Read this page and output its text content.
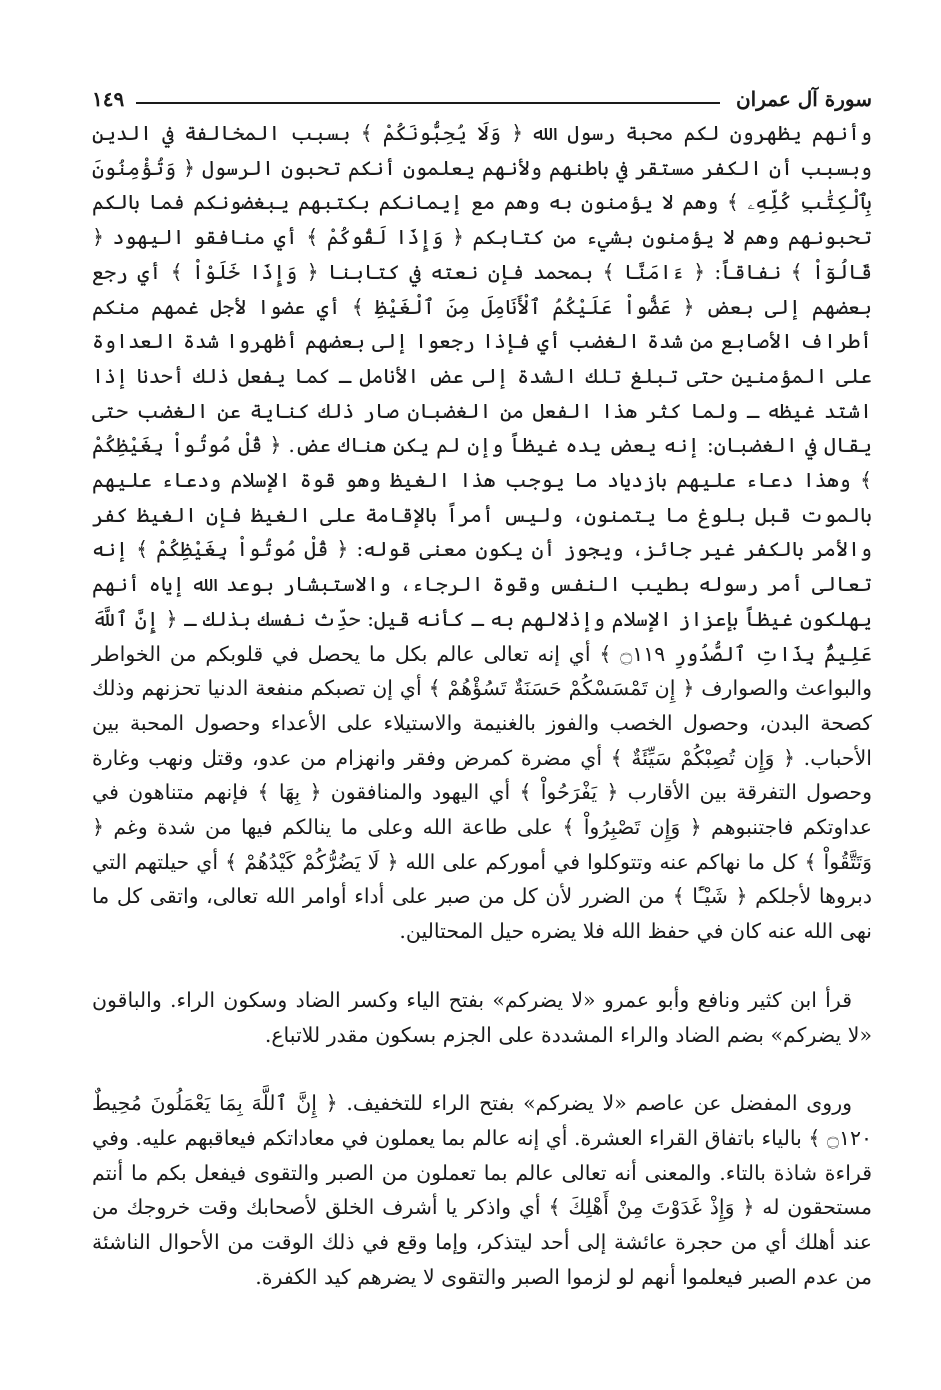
سورة آل عمران
١٤٩

وأنهم يظهرون لكم محبة رسول الله ﴿ وَلَا يُحِبُّونَكُمْ ﴾ بسبب المخالفة في الدين وبسبب أن الكفر مستقر في باطنهم ولأنهم يعلمون أنكم تحبون الرسول ﴿ وَتُؤْمِنُونَ بِٱلْكِتَٰبِ كُلِّهِۦ ﴾ وهم لا يؤمنون به وهم مع إيمانكم بكتبهم يبغضونكم فما بالكم تحبونهم وهم لا يؤمنون بشيء من كتابكم ﴿ وَإِذَا لَقُوكُمْ ﴾ أي منافقو اليهود ﴿ قَالُوٓاْ ﴾ نفاقاً: ﴿ ءَامَنَّا ﴾ بمحمد فإن نعته في كتابنا ﴿ وَإِذَا خَلَوْاْ ﴾ أي رجع بعضهم إلى بعض ﴿ عَضُّواْ عَلَيْكُمُ ٱلْأَنَامِلَ مِنَ ٱلْغَيْظِ ﴾ أي عضوا لأجل غمهم منكم أطراف الأصابع من شدة الغضب أي فإذا رجعوا إلى بعضهم أظهروا شدة العداوة على المؤمنين حتى تبلغ تلك الشدة إلى عض الأنامل ـ كما يفعل ذلك أحدنا إذا اشتد غيظه ـ ولما كثر هذا الفعل من الغضبان صار ذلك كناية عن الغضب حتى يقال في الغضبان: إنه يعض يده غيظاً وإن لم يكن هناك عض. ﴿ قُلْ مُوتُواْ بِغَيْظِكُمْ ﴾ وهذا دعاء عليهم بازدياد ما يوجب هذا الغيظ وهو قوة الإسلام ودعاء عليهم بالموت قبل بلوغ ما يتمنون، وليس أمراً بالإقامة على الغيظ فإن الغيظ كفر والأمر بالكفر غير جائز، ويجوز أن يكون معنى قوله: ﴿ قُلْ مُوتُواْ بِغَيْظِكُمْ ﴾ إنه تعالى أمر رسوله بطيب النفس وقوة الرجاء، والاستبشار بوعد الله إياه أنهم يهلكون غيظاً بإعزاز الإسلام وإذلالهم به ـ كأنه قيل: حدِّث نفسك بذلك ـ ﴿ إِنَّ ٱللَّهَ عَلِيمٌۢ بِذَاتِ ٱلصُّدُورِ ۝١١٩ ﴾ أي إنه تعالى عالم بكل ما يحصل في قلوبكم من الخواطر والبواعث والصوارف ﴿ إِن تَمْسَسْكُمْ حَسَنَةٌ تَسُؤْهُمْ ﴾ أي إن تصبكم منفعة الدنيا تحزنهم وذلك كصحة البدن، وحصول الخصب والفوز بالغنيمة والاستيلاء على الأعداء وحصول المحبة بين الأحباب. ﴿ وَإِن تُصِبْكُمْ سَيِّئَةٌ ﴾ أي مضرة كمرض وفقر وانهزام من عدو، وقتل ونهب وغارة وحصول التفرقة بين الأقارب ﴿ يَفْرَحُواْ ﴾ أي اليهود والمنافقون ﴿ بِهَا ﴾ فإنهم متناهون في عداوتكم فاجتنبوهم ﴿ وَإِن تَصْبِرُواْ ﴾ على طاعة الله وعلى ما ينالكم فيها من شدة وغم ﴿ وَتَتَّقُواْ ﴾ كل ما نهاكم عنه وتتوكلوا في أموركم على الله ﴿ لَا يَضُرُّكُمْ كَيْدُهُمْ ﴾ أي حيلتهم التي دبروها لأجلكم ﴿ شَيْـًٔا ﴾ من الضرر لأن كل من صبر على أداء أوامر الله تعالى، واتقى كل ما نهى الله عنه كان في حفظ الله فلا يضره حيل المحتالين.

قرأ ابن كثير ونافع وأبو عمرو «لا يضركم» بفتح الياء وكسر الضاد وسكون الراء. والباقون «لا يضركم» بضم الضاد والراء المشددة على الجزم بسكون مقدر للاتباع.

وروى المفضل عن عاصم «لا يضركم» بفتح الراء للتخفيف. ﴿ إِنَّ ٱللَّهَ بِمَا يَعْمَلُونَ مُحِيطٌ ۝١٢٠ ﴾ بالياء باتفاق القراء العشرة. أي إنه عالم بما يعملون في معاداتكم فيعاقبهم عليه. وفي قراءة شاذة بالتاء. والمعنى أنه تعالى عالم بما تعملون من الصبر والتقوى فيفعل بكم ما أنتم مستحقون له ﴿ وَإِذْ غَدَوْتَ مِنْ أَهْلِكَ ﴾ أي واذكر يا أشرف الخلق لأصحابك وقت خروجك من عند أهلك أي من حجرة عائشة إلى أحد ليتذكر، وإما وقع في ذلك الوقت من الأحوال الناشئة من عدم الصبر فيعلموا أنهم لو لزموا الصبر والتقوى لا يضرهم كيد الكفرة.
